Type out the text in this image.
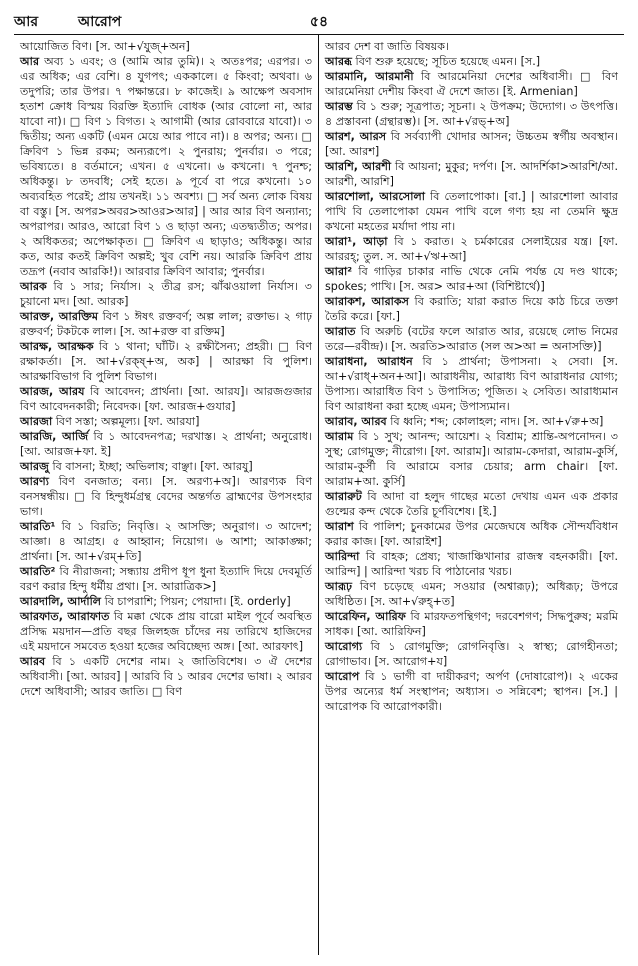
আর	আরোপ	৫৪

আয়োজিত বিণ। [স. আ+√যুজ্+অন]

আর অব্য ১ এবং; ও (আমি আর তুমি)। ২ অতঃপর; এরপর। ৩ এর অধিক; এর বেশি। ৪ যুগপৎ; এককালে। ৫ কিংবা; অথবা। ৬ তদুপরি; তার উপর। ৭ পক্ষান্তরে। ৮ কাজেই। ৯ আক্ষেপ অবসাদ হতাশ ক্রোধ বিস্ময় বিরক্তি ইত্যাদি বোধক (আর বোলো না, আর যাবো না)। □ বিণ ১ বিগত। ২ আগামী (আর রোববারে যাবো)। ৩ দ্বিতীয়; অন্য একটি (এমন মেয়ে আর পাবে না)। ৪ অপর; অন্য। □ ক্রিবিণ ১ ভিন্ন রকম; অন্যরূপে। ২ পুনরায়; পুনর্বার। ৩ পরে; ভবিষ্যতে। ৪ বর্তমানে; এখন। ৫ এখনো। ৬ কখনো। ৭ পুনশ্চ; অধিকন্তু। ৮ তদবধি; সেই হতে। ৯ পূর্বে বা পরে কখনো। ১০ অব্যবহিত পরেই; প্রায় তখনই। ১১ অবশ্য। □ সর্ব অন্য লোক বিষয় বা বস্তু। [স. অপর>অবর>আওর>আর] | আর আর বিণ অন্যান্য; অপরাপর। আরও, আরো বিণ ১ ও ছাড়া অন্য; এতদ্ব্যতীত; অপর। ২ অধিকতর; অপেক্ষাকৃত। □ ক্রিবিণ এ ছাড়াও; অধিকন্তু। আর কত, আর কতই ক্রিবিণ অল্পই; খুব বেশি নয়। আরকি ক্রিবিণ প্রায় তদ্রূপ (নবাব আরকি!)। আরবার ক্রিবিণ আবার; পুনর্বার।

আরক বি ১ সার; নির্যাস। ২ তীব্র রস; ঝাঁঝওয়ালা নির্যাস। ৩ চুয়ানো মদ। [আ. আরক]

আরক্ত, আরক্তিম বিণ ১ ঈষৎ রক্তবর্ণ; অল্প লাল; রক্তাভ। ২ গাঢ় রক্তবর্ণ; টকটকে লাল। [স. আ+রক্ত বা রক্তিম]

আরক্ষ, আরক্ষক বি ১ থানা; ঘাঁটি। ২ রক্ষীসৈন্য; প্রহরী। □ বিণ রক্ষাকর্তা। [স. আ+√রক্ষ্+অ, অক] | আরক্ষা বি পুলিশ। আরক্ষাবিভাগ বি পুলিশ বিভাগ।

আরজ, আরয বি আবেদন; প্রার্থনা। [আ. আরয]। আরজগুজার বিণ আবেদনকারী; নিবেদক। [ফা. আরজ+গুযার]

আরজা বিণ সস্তা; অল্পমূল্য। [ফা. আরযা]

আরজি, আর্জি বি ১ আবেদনপত্র; দরখাস্ত। ২ প্রার্থনা; অনুরোধ। [আ. আরজ+ফা. ই]

আরজু বি বাসনা; ইচ্ছা; অভিলাষ; বাঞ্ছা। [ফা. আরযু]

আরণ্য বিণ বনজাত; বন্য। [স. অরণ্য+অ]। আরণ্যক বিণ বনসম্বন্ধীয়। □ বি হিন্দুধর্মগ্রন্থ বেদের অন্তর্গত ব্রাহ্মণের উপসংহার ভাগ।

আরতি¹ বি ১ বিরতি; নিবৃত্তি। ২ আসক্তি; অনুরাগ। ৩ আদেশ; আজ্ঞা। ৪ আগ্রহ। ৫ আহ্বান; নিয়োগ। ৬ আশা; আকাঙ্ক্ষা; প্রার্থনা। [স. আ+√রম্+তি]

আরতি² বি নীরাজনা; সন্ধ্যায় প্রদীপ ধূপ ধুনা ইত্যাদি দিয়ে দেবমূর্তি বরণ করার হিন্দু ধর্মীয় প্রথা। [স. আরাত্রিক>]

আরদালি, আর্দালি বি চাপরাশি; পিয়ন; পেয়াদা। [ই. orderly]

আরফাত, আরাফাত বি মক্কা থেকে প্রায় বারো মাইল পূর্বে অবস্থিত প্রসিদ্ধ ময়দান—প্রতি বছর জিলহজ চাঁদের নয় তারিখে হাজিদের এই ময়দানে সমবেত হওয়া হজের অবিচ্ছেদ্য অঙ্গ। [আ. আরফাৎ]

আরব বি ১ একটি দেশের নাম। ২ জাতিবিশেষ। ৩ ঐ দেশের অধিবাসী। [আ. আরব] | আরবি বি ১ আরব দেশের ভাষা। ২ আরব দেশে অধিবাসী; আরব জাতি। □ বিণ

আরব দেশ বা জাতি বিষয়ক।

আরব্ধ বিণ শুরু হয়েছে; সূচিত হয়েছে এমন। [স.]

আরমানি, আরমানী বি আরমেনিয়া দেশের অধিবাসী। □ বিণ আরমেনিয়া দেশীয় কিংবা ঐ দেশে জাত। [ই. Armenian]

আরম্ভ বি ১ শুরু; সূত্রপাত; সূচনা। ২ উপক্রম; উদ্যোগ। ৩ উৎপত্তি। ৪ প্রস্তাবনা (গ্রন্থারম্ভ)। [স. আ+√রভ্+অ]

আরশ, আরস বি সর্বব্যাপী খোদার আসন; উচ্চতম স্বর্গীয় অবস্থান। [আ. আরশ]

আরশি, আরশী বি আয়না; মুকুর; দর্পণ। [স. আদর্শিকা>আরশি/আ. আরশী, আরশি]

আরশোলা, আরসোলা বি তেলাপোকা। [বা.] | আরশোলা আবার পাখি বি তেলাপোকা যেমন পাখি বলে গণ্য হয় না তেমনি ক্ষুদ্র কখনো মহতের মর্যাদা পায় না।

আরা¹, আড়া বি ১ করাত। ২ চর্মকারের সেলাইয়ের যন্ত্র। [ফা. আররহ্; তুল. স. আ+√ঋ+আ]

আরা² বি গাড়ির চাকার নাভি থেকে নেমি পর্যন্ত যে দণ্ড থাকে; spokes; পাখি। [স. অর> আর+আ (বিশিষ্টার্থে)]

আরাকশ, আরাকস বি করাতি; যারা করাত দিয়ে কাঠ চিরে তক্তা তৈরি করে। [ফা.]

আরাত বি অরুচি (বটের ফলে আরাত আর, রয়েছে লোভ নিমের তরে—রবীন্দ্র)। [স. অরতি>আরাত (সল অ>আ = অনাসক্তি)]

আরাধনা, আরাধন বি ১ প্রার্থনা; উপাসনা। ২ সেবা। [স. আ+√রাধ্+অন+আ]। আরাধনীয়, আরাধ্য বিণ আরাধনার যোগ্য; উপাস্য। আরাধিত বিণ ১ উপাসিত; পূজিত। ২ সেবিত। আরাধ্যমান বিণ আরাধনা করা হচ্ছে এমন; উপাস্যমান।

আরাব, আরব বি ধ্বনি; শব্দ; কোলাহল; নাদ। [স. আ+√রু+অ]

আরাম বি ১ সুখ; আনন্দ; আয়েশ। ২ বিশ্রাম; শ্রান্তি-অপনোদন। ৩ সুস্থ; রোগমুক্ত; নীরোগ। [ফা. আরাম]। আরাম-কেদারা, আরাম-কুর্সি, আরাম-কুর্সী বি আরামে বসার চেয়ার; arm chair। [ফা. আরাম+আ. কুর্সি]

আরারুট বি আদা বা হলুদ গাছের মতো দেখায় এমন এক প্রকার গুল্মের কন্দ থেকে তৈরি চূর্ণবিশেষ। [ই.]

আরাশ বি পালিশ; চুনকামের উপর মেজেঘষে অধিক সৌন্দর্যবিধান করার কাজ। [ফা. আরাইশ]

আরিন্দা বি বাহক; প্রেষ্য; খাজাঞ্চিখানার রাজস্ব বহনকারী। [ফা. আরিন্দ] | আরিন্দা খরচ বি পাঠানোর খরচ।

আরূঢ় বিণ চড়েছে এমন; সওয়ার (অশ্বারূঢ়); অধিরূঢ়; উপরে অধিষ্ঠিত। [স. আ+√রুহ্+ত]

আরেফিন, আরিফ বি মারফতপন্থিগণ; দরবেশগণ; সিদ্ধপুরুষ; মরমি সাধক। [আ. আরিফিন]

আরোগ্য বি ১ রোগমুক্তি; রোগনিবৃত্তি। ২ স্বাস্থ্য; রোগহীনতা; রোগাভাব। [স. আরোগ+য]

আরোপ বি ১ ভাগী বা দায়ীকরণ; অর্পণ (দোষারোপ)। ২ একের উপর অন্যের ধর্ম সংস্থাপন; অধ্যাস। ৩ সন্নিবেশ; স্থাপন। [স.] | আরোপক বি আরোপকারী।
